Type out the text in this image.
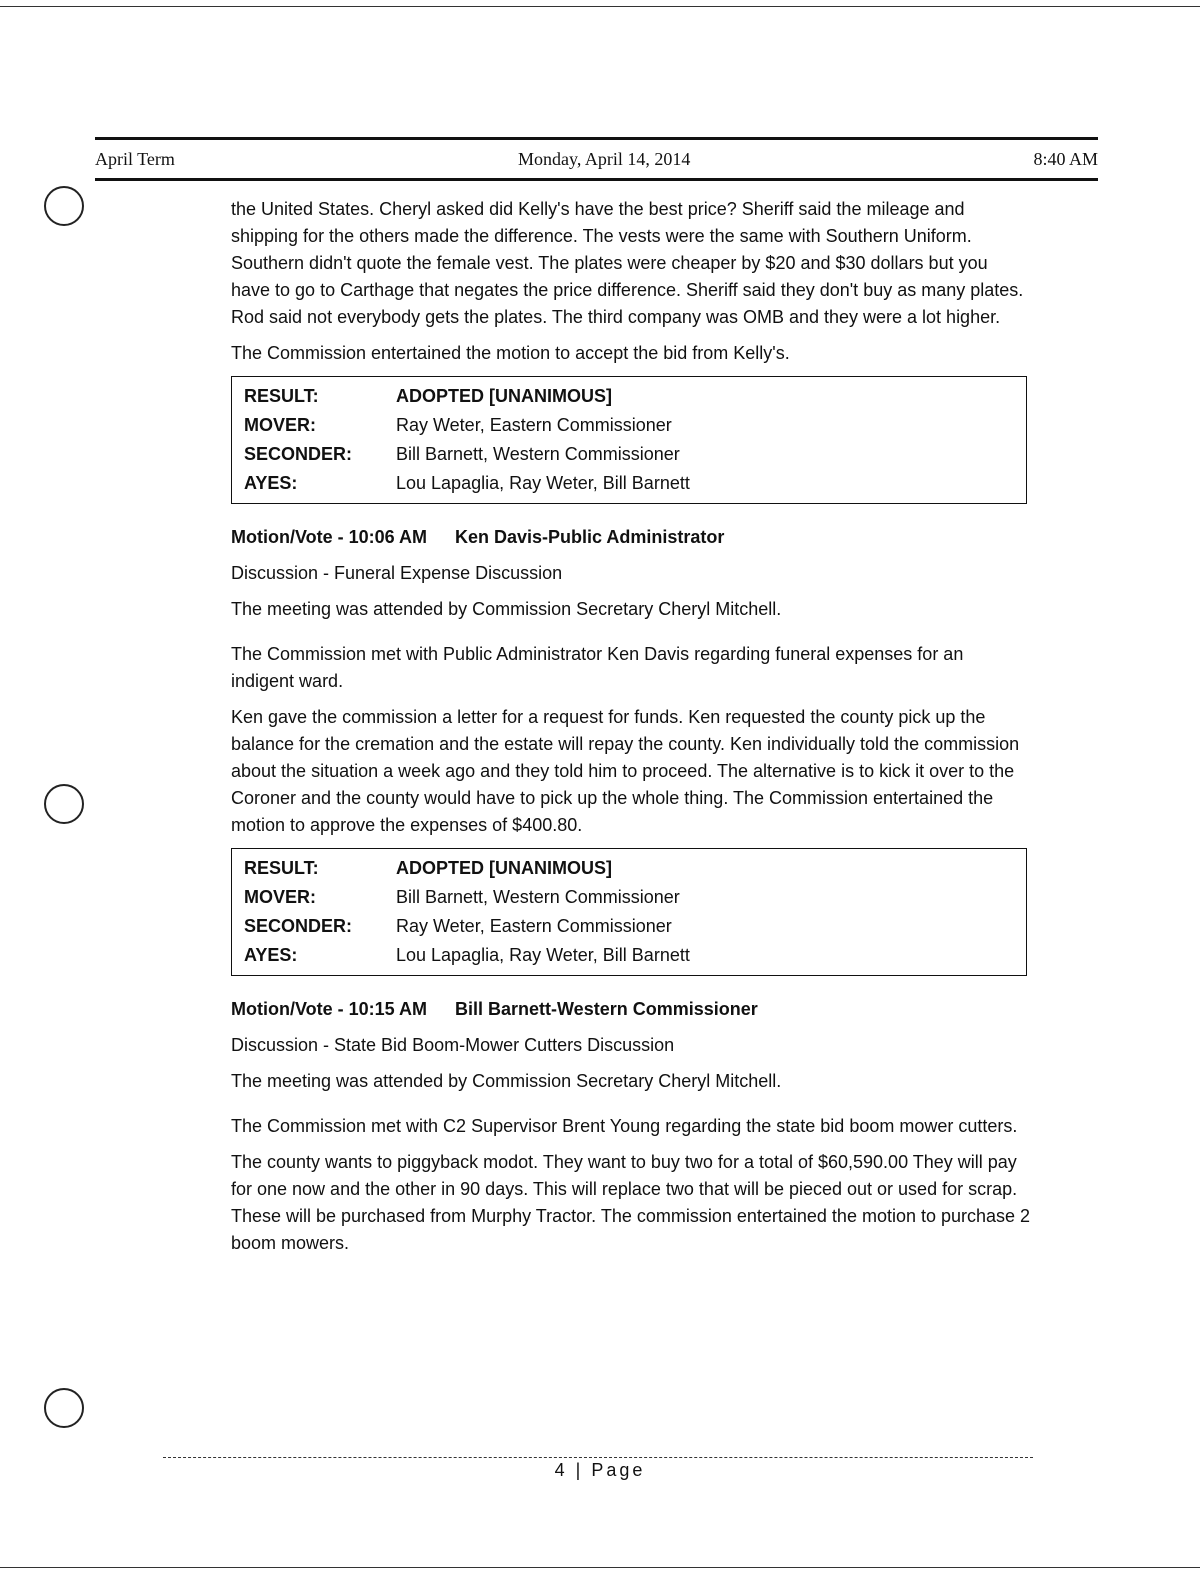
April Term	Monday, April 14, 2014	8:40 AM

the United States. Cheryl asked did Kelly's have the best price? Sheriff said the mileage and shipping for the others made the difference. The vests were the same with Southern Uniform. Southern didn't quote the female vest. The plates were cheaper by $20 and $30 dollars but you have to go to Carthage that negates the price difference. Sheriff said they don't buy as many plates. Rod said not everybody gets the plates. The third company was OMB and they were a lot higher.

The Commission entertained the motion to accept the bid from Kelly's.

RESULT:	ADOPTED [UNANIMOUS]
MOVER:	Ray Weter, Eastern Commissioner
SECONDER:	Bill Barnett, Western Commissioner
AYES:	Lou Lapaglia, Ray Weter, Bill Barnett

Motion/Vote - 10:06 AM Ken Davis-Public Administrator

Discussion - Funeral Expense Discussion

The meeting was attended by Commission Secretary Cheryl Mitchell.

The Commission met with Public Administrator Ken Davis regarding funeral expenses for an indigent ward.

Ken gave the commission a letter for a request for funds. Ken requested the county pick up the balance for the cremation and the estate will repay the county. Ken individually told the commission about the situation a week ago and they told him to proceed. The alternative is to kick it over to the Coroner and the county would have to pick up the whole thing. The Commission entertained the motion to approve the expenses of $400.80.

RESULT:	ADOPTED [UNANIMOUS]
MOVER:	Bill Barnett, Western Commissioner
SECONDER:	Ray Weter, Eastern Commissioner
AYES:	Lou Lapaglia, Ray Weter, Bill Barnett

Motion/Vote - 10:15 AM Bill Barnett-Western Commissioner

Discussion - State Bid Boom-Mower Cutters Discussion

The meeting was attended by Commission Secretary Cheryl Mitchell.

The Commission met with C2 Supervisor Brent Young regarding the state bid boom mower cutters.

The county wants to piggyback modot. They want to buy two for a total of $60,590.00 They will pay for one now and the other in 90 days. This will replace two that will be pieced out or used for scrap. These will be purchased from Murphy Tractor. The commission entertained the motion to purchase 2 boom mowers.

4 | Page
